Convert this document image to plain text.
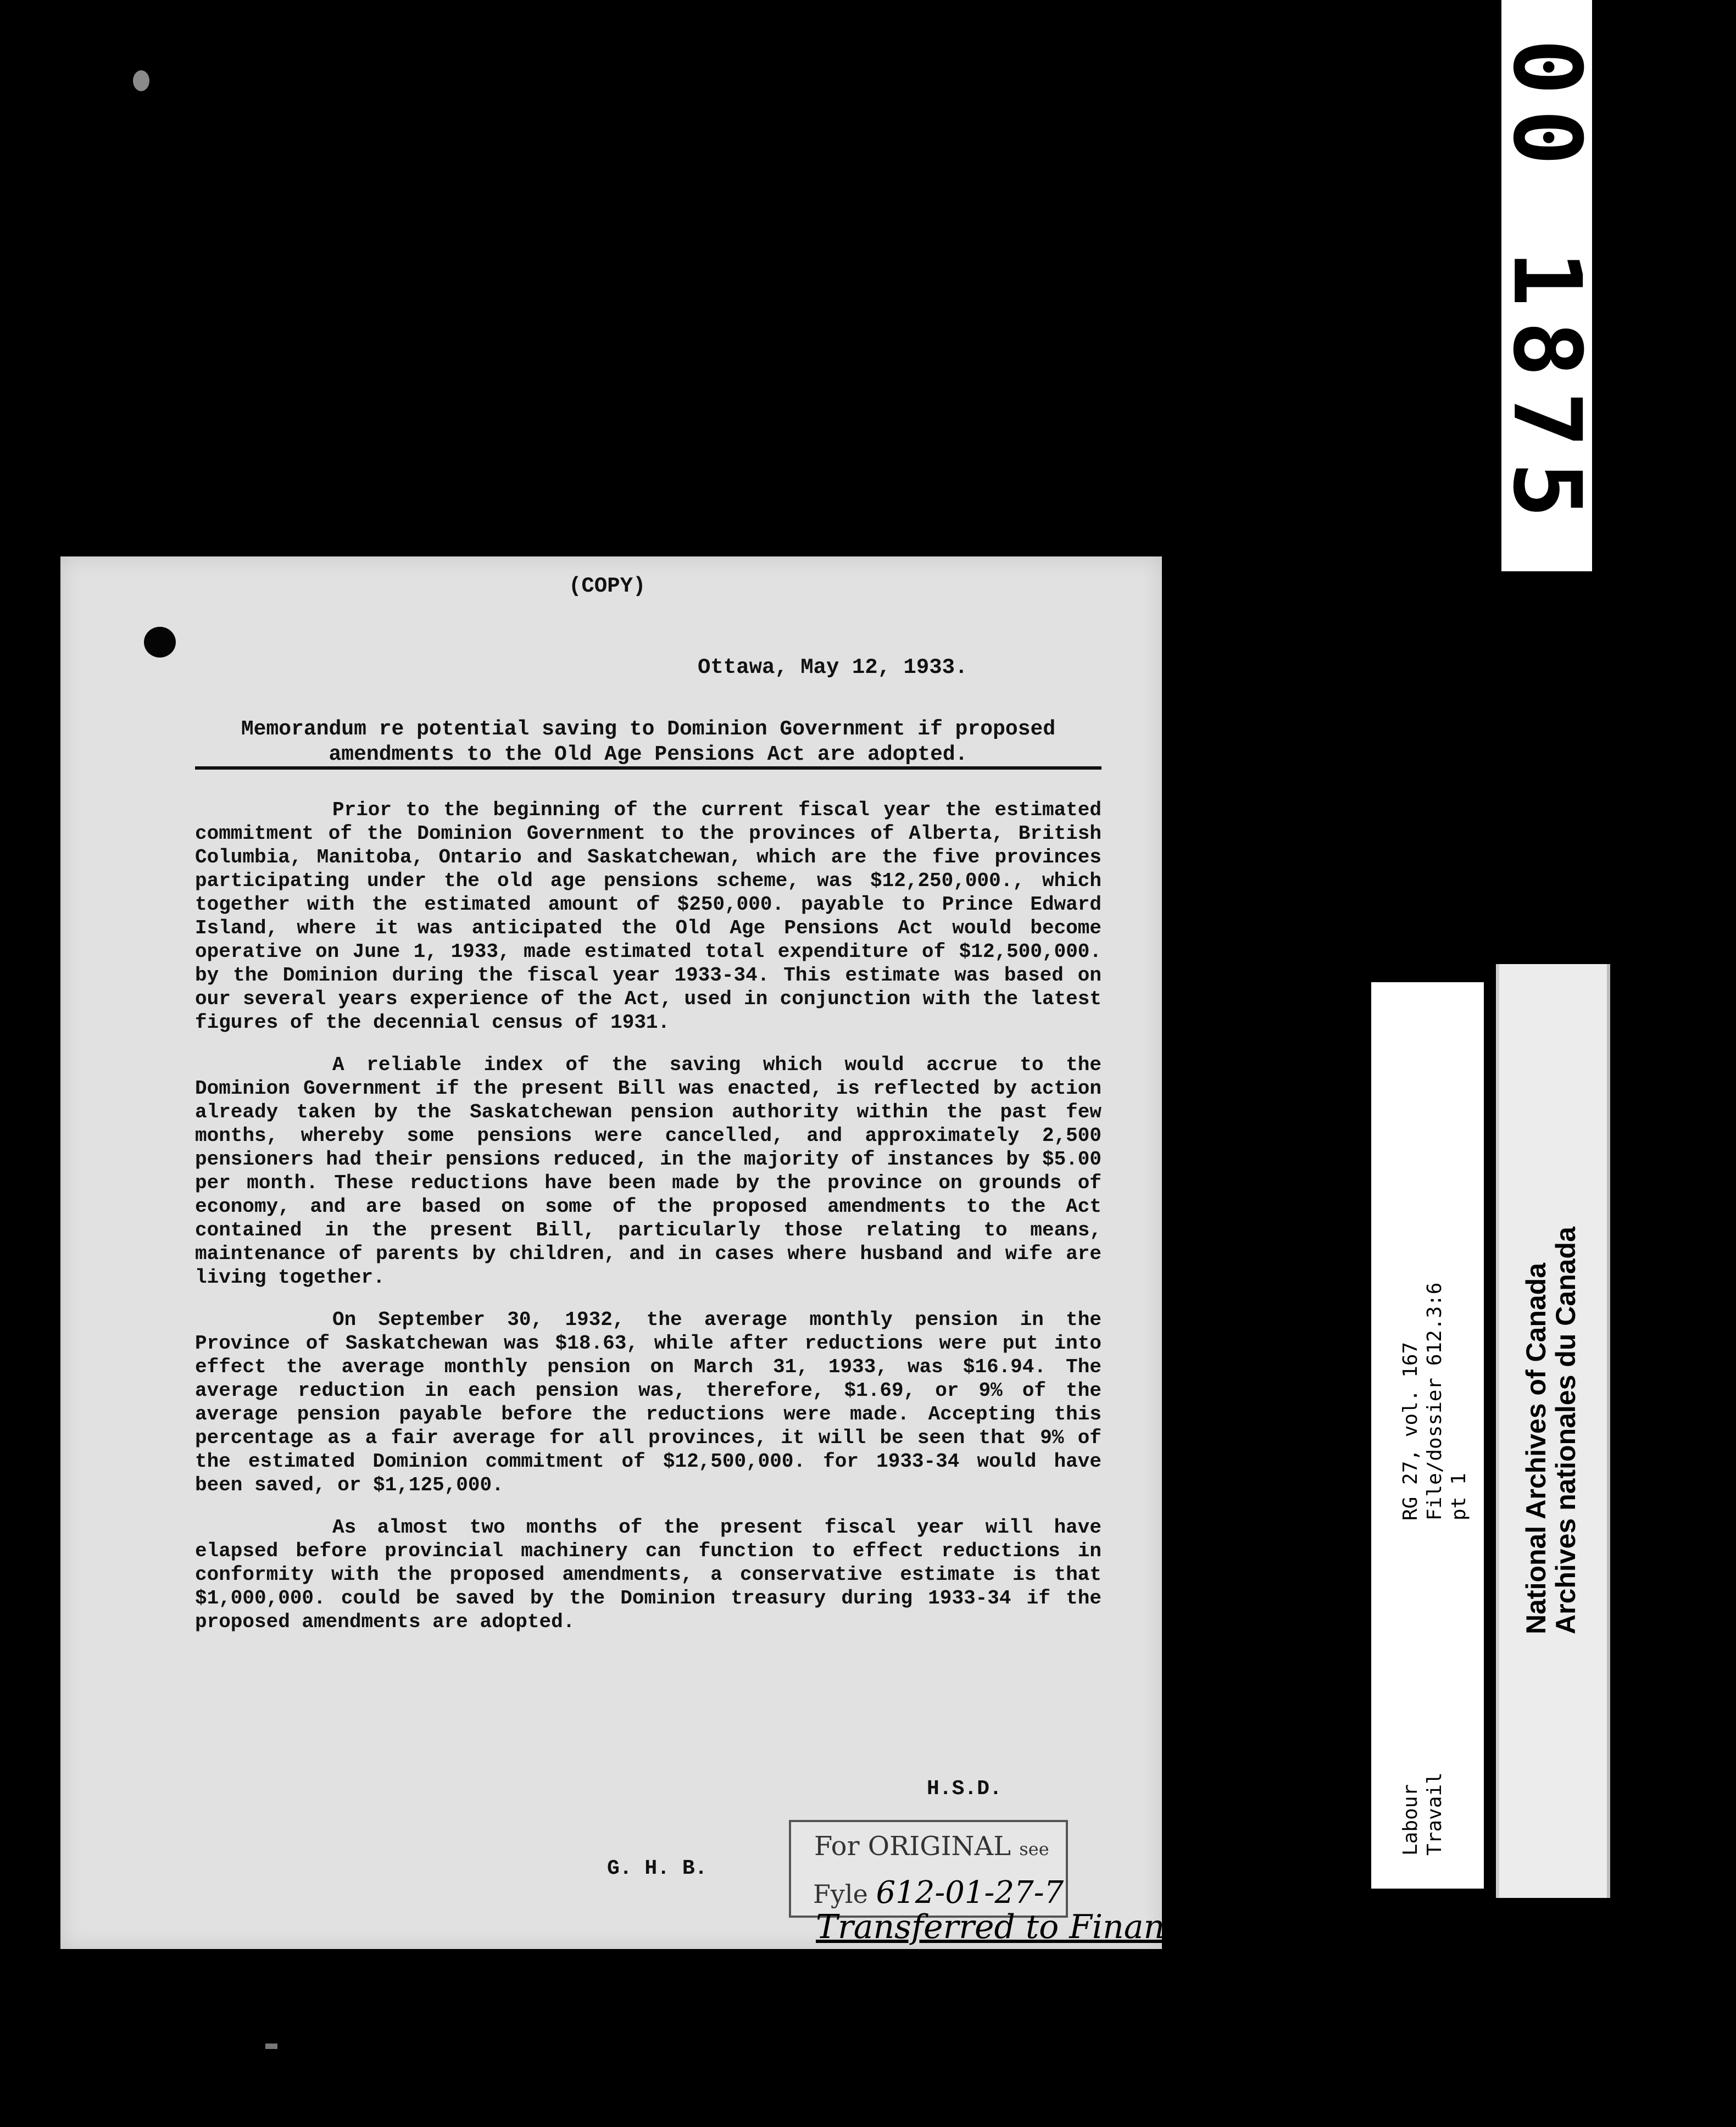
00 1875
(COPY)
Ottawa, May 12, 1933.
Memorandum re potential saving to Dominion Government if proposed
amendments to the Old Age Pensions Act are adopted.

Prior to the beginning of the current fiscal year the estimated commitment of the Dominion Government to the provinces of Alberta, British Columbia, Manitoba, Ontario and Saskatchewan, which are the five provinces participating under the old age pensions scheme, was $12,250,000., which together with the estimated amount of $250,000. payable to Prince Edward Island, where it was anticipated the Old Age Pensions Act would become operative on June 1, 1933, made estimated total expenditure of $12,500,000. by the Dominion during the fiscal year 1933-34. This estimate was based on our several years experience of the Act, used in conjunction with the latest figures of the decennial census of 1931.

A reliable index of the saving which would accrue to the Dominion Government if the present Bill was enacted, is reflected by action already taken by the Saskatchewan pension authority within the past few months, whereby some pensions were cancelled, and approximately 2,500 pensioners had their pensions reduced, in the majority of instances by $5.00 per month. These reductions have been made by the province on grounds of economy, and are based on some of the proposed amendments to the Act contained in the present Bill, particularly those relating to means, maintenance of parents by children, and in cases where husband and wife are living together.

On September 30, 1932, the average monthly pension in the Province of Saskatchewan was $18.63, while after reductions were put into effect the average monthly pension on March 31, 1933, was $16.94. The average reduction in each pension was, therefore, $1.69, or 9% of the average pension payable before the reductions were made. Accepting this percentage as a fair average for all provinces, it will be seen that 9% of the estimated Dominion commitment of $12,500,000. for 1933-34 would have been saved, or $1,125,000.

As almost two months of the present fiscal year will have elapsed before provincial machinery can function to effect reductions in conformity with the proposed amendments, a conservative estimate is that $1,000,000. could be saved by the Dominion treasury during 1933-34 if the proposed amendments are adopted.

H.S.D.
G. H. B.
For ORIGINAL see
Fyle 612-01-27-7
Transferred to Finance
RG 27, vol. 167
File/dossier 612.3:6
pt 1
Labour
Travail
National Archives of Canada
Archives nationales du Canada
